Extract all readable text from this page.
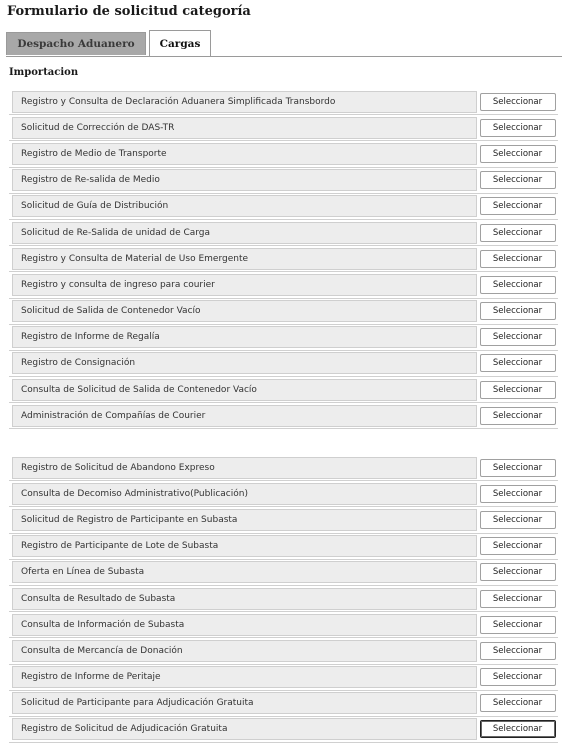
Formulario de solicitud categoría
Despacho Aduanero	Cargas
Importacion
Registro y Consulta de Declaración Aduanera Simplificada Transbordo	Seleccionar
Solicitud de Corrección de DAS-TR	Seleccionar
Registro de Medio de Transporte	Seleccionar
Registro de Re-salida de Medio	Seleccionar
Solicitud de Guía de Distribución	Seleccionar
Solicitud de Re-Salida de unidad de Carga	Seleccionar
Registro y Consulta de Material de Uso Emergente	Seleccionar
Registro y consulta de ingreso para courier	Seleccionar
Solicitud de Salida de Contenedor Vacío	Seleccionar
Registro de Informe de Regalía	Seleccionar
Registro de Consignación	Seleccionar
Consulta de Solicitud de Salida de Contenedor Vacío	Seleccionar
Administración de Compañías de Courier	Seleccionar
Registro de Solicitud de Abandono Expreso	Seleccionar
Consulta de Decomiso Administrativo(Publicación)	Seleccionar
Solicitud de Registro de Participante en Subasta	Seleccionar
Registro de Participante de Lote de Subasta	Seleccionar
Oferta en Línea de Subasta	Seleccionar
Consulta de Resultado de Subasta	Seleccionar
Consulta de Información de Subasta	Seleccionar
Consulta de Mercancía de Donación	Seleccionar
Registro de Informe de Peritaje	Seleccionar
Solicitud de Participante para Adjudicación Gratuita	Seleccionar
Registro de Solicitud de Adjudicación Gratuita	Seleccionar
